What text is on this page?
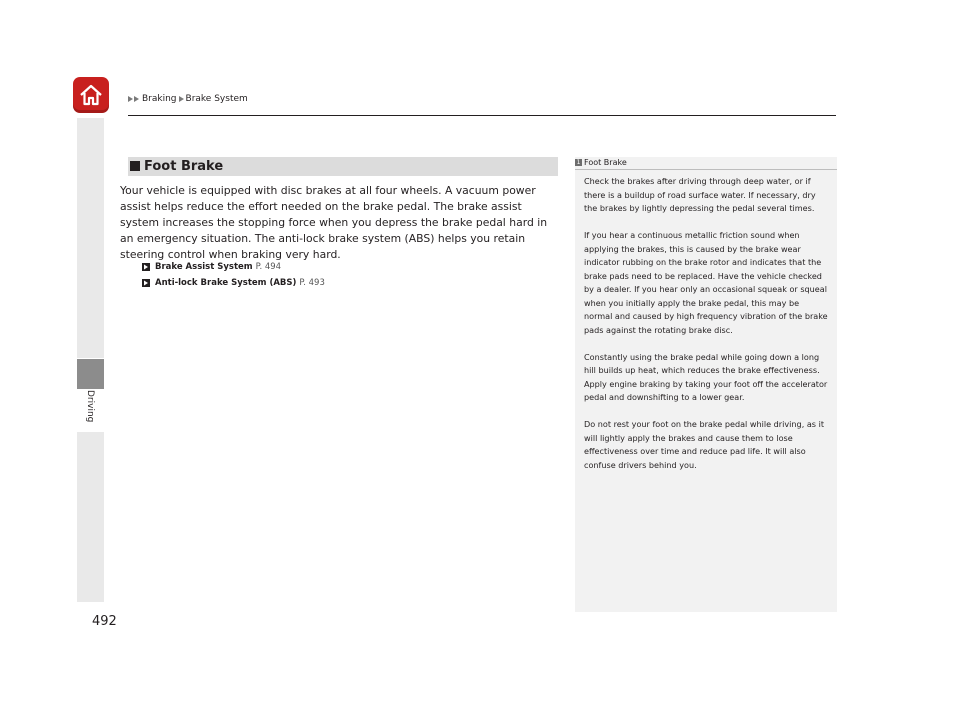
Braking Brake System
Driving
Foot Brake
Your vehicle is equipped with disc brakes at all four wheels. A vacuum power assist helps reduce the effort needed on the brake pedal. The brake assist system increases the stopping force when you depress the brake pedal hard in an emergency situation. The anti-lock brake system (ABS) helps you retain steering control when braking very hard.
Brake Assist System P. 494
Anti-lock Brake System (ABS) P. 493
1 Foot Brake

Check the brakes after driving through deep water, or if there is a buildup of road surface water. If necessary, dry the brakes by lightly depressing the pedal several times.

If you hear a continuous metallic friction sound when applying the brakes, this is caused by the brake wear indicator rubbing on the brake rotor and indicates that the brake pads need to be replaced. Have the vehicle checked by a dealer. If you hear only an occasional squeak or squeal when you initially apply the brake pedal, this may be normal and caused by high frequency vibration of the brake pads against the rotating brake disc.

Constantly using the brake pedal while going down a long hill builds up heat, which reduces the brake effectiveness. Apply engine braking by taking your foot off the accelerator pedal and downshifting to a lower gear.

Do not rest your foot on the brake pedal while driving, as it will lightly apply the brakes and cause them to lose effectiveness over time and reduce pad life. It will also confuse drivers behind you.

492
